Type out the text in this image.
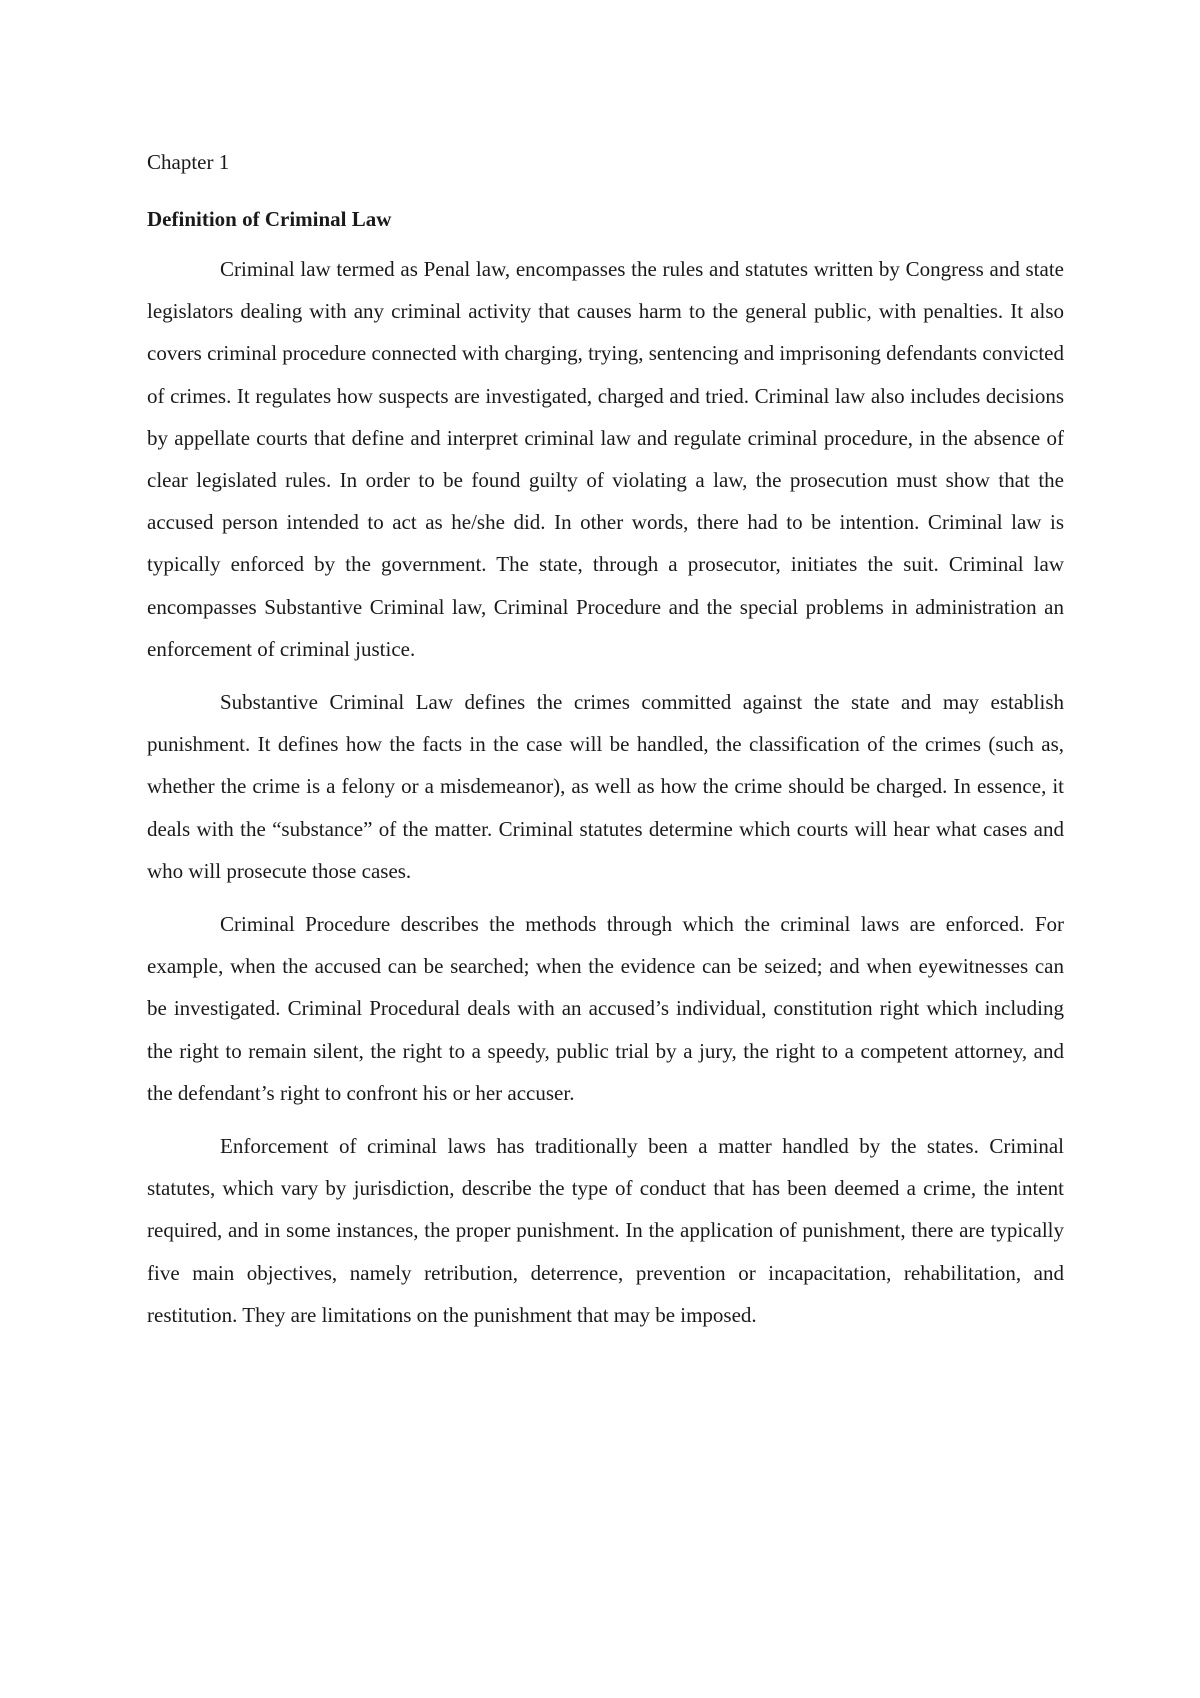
Chapter 1

Definition of Criminal Law

Criminal law termed as Penal law, encompasses the rules and statutes written by Congress and state legislators dealing with any criminal activity that causes harm to the general public, with penalties. It also covers criminal procedure connected with charging, trying, sentencing and imprisoning defendants convicted of crimes. It regulates how suspects are investigated, charged and tried. Criminal law also includes decisions by appellate courts that define and interpret criminal law and regulate criminal procedure, in the absence of clear legislated rules. In order to be found guilty of violating a law, the prosecution must show that the accused person intended to act as he/she did. In other words, there had to be intention. Criminal law is typically enforced by the government. The state, through a prosecutor, initiates the suit. Criminal law encompasses Substantive Criminal law, Criminal Procedure and the special problems in administration an enforcement of criminal justice.

Substantive Criminal Law defines the crimes committed against the state and may establish punishment. It defines how the facts in the case will be handled, the classification of the crimes (such as, whether the crime is a felony or a misdemeanor), as well as how the crime should be charged. In essence, it deals with the “substance” of the matter. Criminal statutes determine which courts will hear what cases and who will prosecute those cases.

Criminal Procedure describes the methods through which the criminal laws are enforced. For example, when the accused can be searched; when the evidence can be seized; and when eyewitnesses can be investigated. Criminal Procedural deals with an accused’s individual, constitution right which including the right to remain silent, the right to a speedy, public trial by a jury, the right to a competent attorney, and the defendant’s right to confront his or her accuser.

Enforcement of criminal laws has traditionally been a matter handled by the states. Criminal statutes, which vary by jurisdiction, describe the type of conduct that has been deemed a crime, the intent required, and in some instances, the proper punishment. In the application of punishment, there are typically five main objectives, namely retribution, deterrence, prevention or incapacitation, rehabilitation, and restitution. They are limitations on the punishment that may be imposed.
